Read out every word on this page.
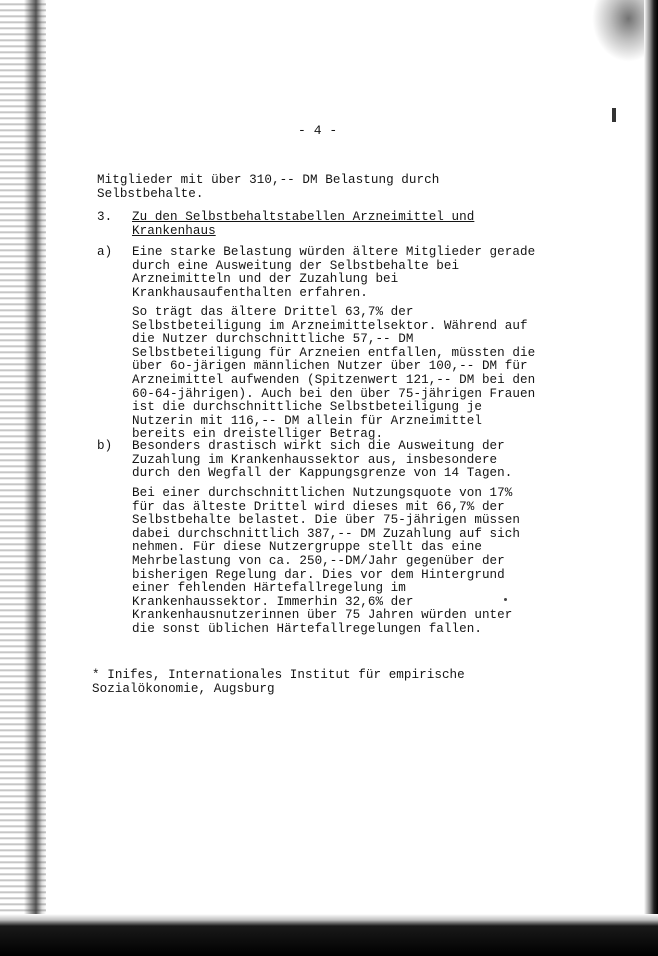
- 4 -
Mitglieder mit über 310,-- DM Belastung durch
Selbstbehalte.
3. Zu den Selbstbehaltstabellen Arzneimittel und
Krankenhaus
a) Eine starke Belastung würden ältere Mitglieder gerade
durch eine Ausweitung der Selbstbehalte bei
Arzneimitteln und der Zuzahlung bei
Krankhausaufenthalten erfahren.
So trägt das ältere Drittel 63,7% der
Selbstbeteiligung im Arzneimittelsektor. Während auf
die Nutzer durchschnittliche 57,-- DM
Selbstbeteiligung für Arzneien entfallen, müssten die
über 6o-järigen männlichen Nutzer über 100,-- DM für
Arzneimittel aufwenden (Spitzenwert 121,-- DM bei den
60-64-jährigen). Auch bei den über 75-jährigen Frauen
ist die durchschnittliche Selbstbeteiligung je
Nutzerin mit 116,-- DM allein für Arzneimittel
bereits ein dreistelliger Betrag.
b) Besonders drastisch wirkt sich die Ausweitung der
Zuzahlung im Krankenhaussektor aus, insbesondere
durch den Wegfall der Kappungsgrenze von 14 Tagen.
Bei einer durchschnittlichen Nutzungsquote von 17%
für das älteste Drittel wird dieses mit 66,7% der
Selbstbehalte belastet. Die über 75-jährigen müssen
dabei durchschnittlich 387,-- DM Zuzahlung auf sich
nehmen. Für diese Nutzergruppe stellt das eine
Mehrbelastung von ca. 250,--DM/Jahr gegenüber der
bisherigen Regelung dar. Dies vor dem Hintergrund
einer fehlenden Härtefallregelung im
Krankenhaussektor. Immerhin 32,6% der
Krankenhausnutzerinnen über 75 Jahren würden unter
die sonst üblichen Härtefallregelungen fallen.
* Inifes, Internationales Institut für empirische
Sozialökonomie, Augsburg
